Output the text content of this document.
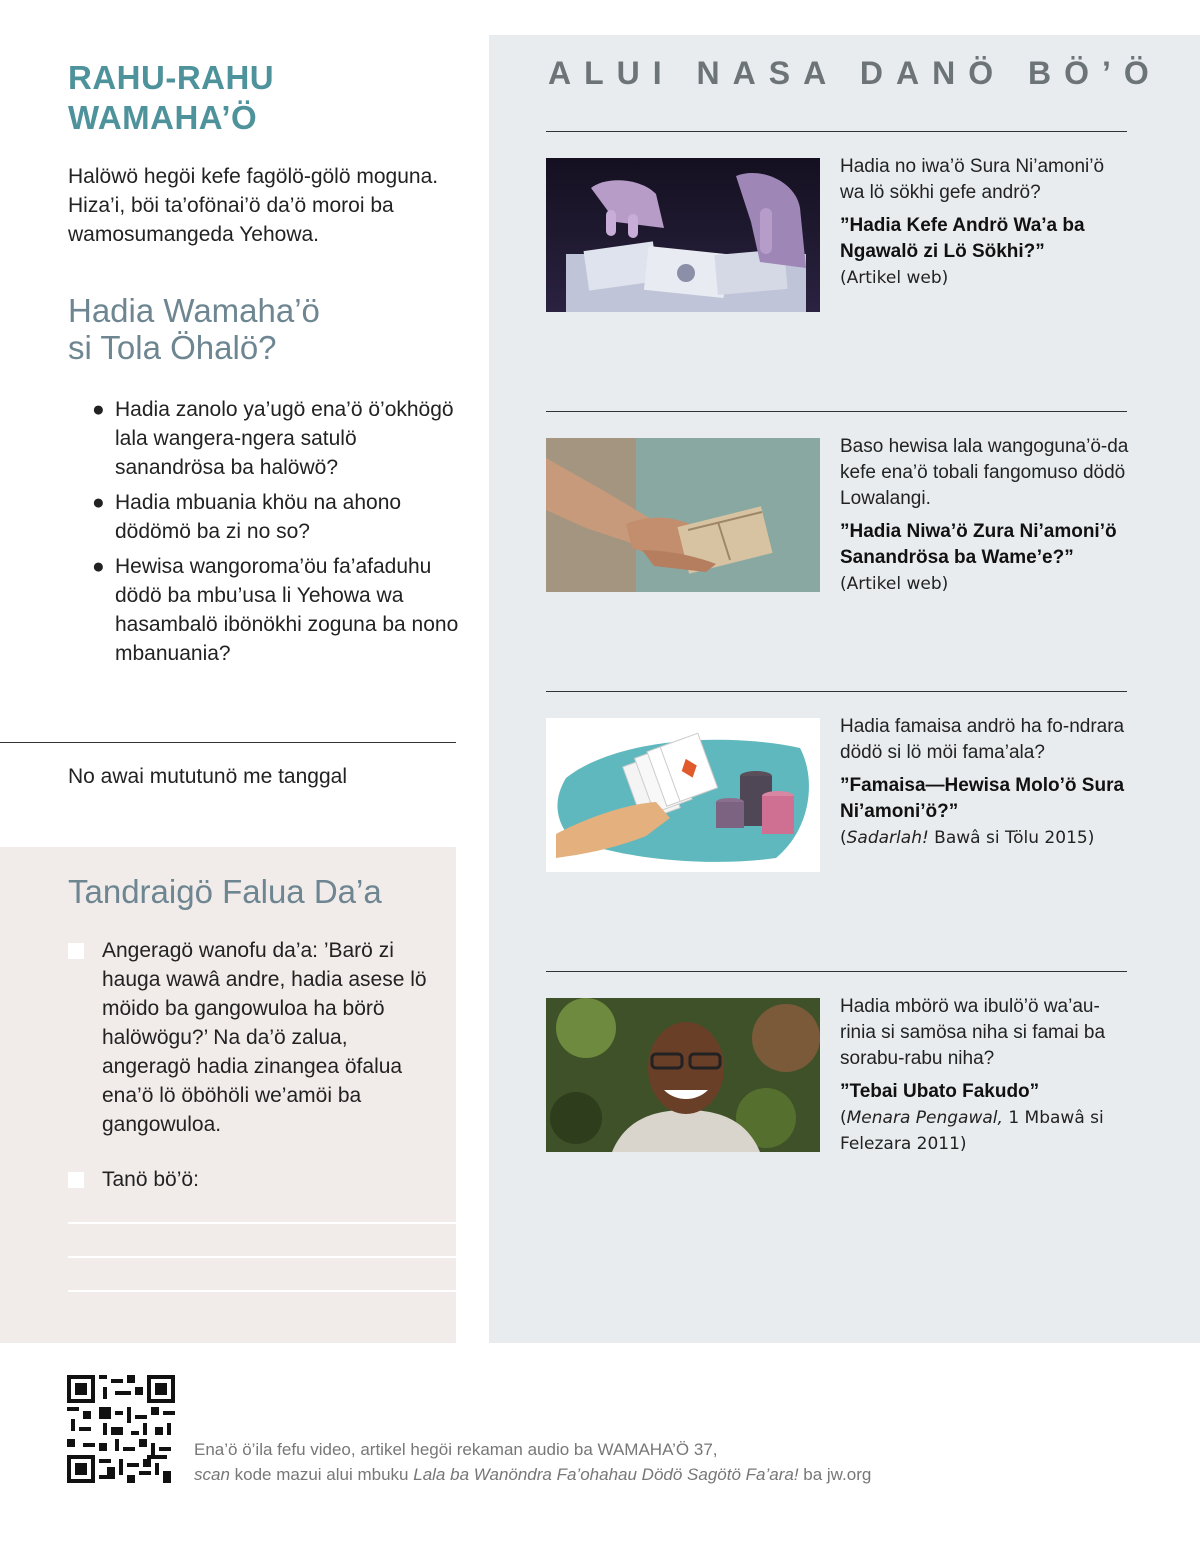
RAHU-RAHU
WAMAHA’Ö

Halöwö hegöi kefe fagölö-gölö moguna. Hiza’i, böi ta’ofönai’ö da’ö moroi ba wamosumangeda Yehowa.

Hadia Wamaha’ö
si Tola Öhalö?
● Hadia zanolo ya’ugö ena’ö ö’okhögö lala wangera-ngera satulö sanandrösa ba halöwö?
● Hadia mbuania khöu na ahono dödömö ba zi no so?
● Hewisa wangoroma’öu fa’afaduhu dödö ba mbu’usa li Yehowa wa hasambalö ibönökhi zoguna ba nono mbanuania?
No awai mututunö me tanggal
Tandraigö Falua Da’a
Angeragö wanofu da’a: ’Barö zi hauga wawâ andre, hadia asese lö möido ba gangowuloa ha börö halöwögu?’ Na da’ö zalua, angeragö hadia zinangea öfalua ena’ö lö öböhöli we’amöi ba gangowuloa.
Tanö bö’ö:
ALUI NASA DANÖ BÖ’Ö

Hadia no iwa’ö Sura Ni’amoni’ö wa lö sökhi gefe andrö?

”Hadia Kefe Andrö Wa’a ba Ngawalö zi Lö Sökhi?”

(Artikel web)

Baso hewisa lala wangoguna’ö-da kefe ena’ö tobali fangomuso dödö Lowalangi.

”Hadia Niwa’ö Zura Ni’amoni’ö Sanandrösa ba Wame’e?”

(Artikel web)

Hadia famaisa andrö ha fo-ndrara dödö si lö möi fama’ala?

”Famaisa—Hewisa Molo’ö Sura Ni’amoni’ö?”

(Sadarlah! Bawâ si Tölu 2015)

Hadia mbörö wa ibulö’ö wa’au-rinia si samösa niha si famai ba sorabu-rabu niha?

”Tebai Ubato Fakudo”

(Menara Pengawal, 1 Mbawâ si Felezara 2011)

Ena’ö ö’ila fefu video, artikel hegöi rekaman audio ba WAMAHA’Ö 37,
scan kode mazui alui mbuku Lala ba Wanöndra Fa’ohahau Dödö Sagötö Fa’ara! ba jw.org
